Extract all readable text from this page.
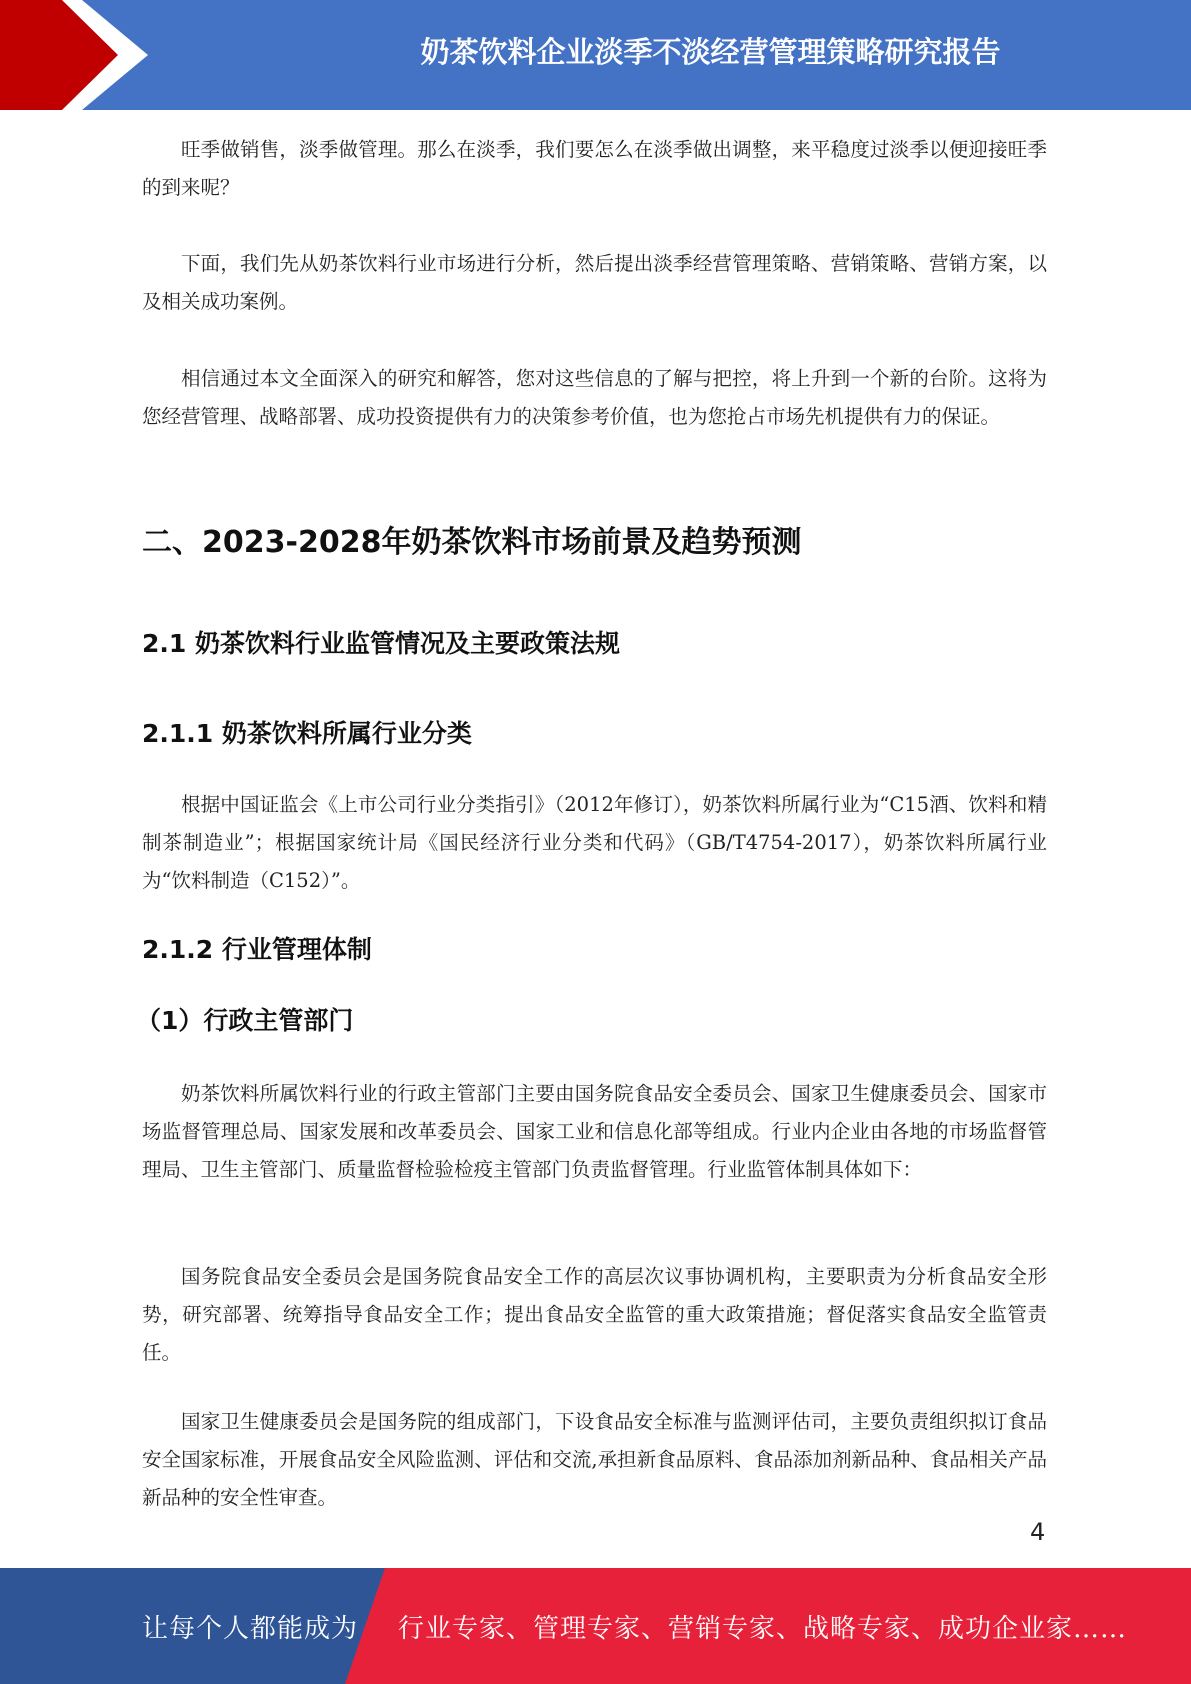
奶茶饮料企业淡季不淡经营管理策略研究报告

旺季做销售，淡季做管理。那么在淡季，我们要怎么在淡季做出调整，来平稳度过淡季以便迎接旺季的到来呢？

下面，我们先从奶茶饮料行业市场进行分析，然后提出淡季经营管理策略、营销策略、营销方案，以及相关成功案例。

相信通过本文全面深入的研究和解答，您对这些信息的了解与把控，将上升到一个新的台阶。这将为您经营管理、战略部署、成功投资提供有力的决策参考价值，也为您抢占市场先机提供有力的保证。

二、2023-2028年奶茶饮料市场前景及趋势预测
2.1 奶茶饮料行业监管情况及主要政策法规
2.1.1 奶茶饮料所属行业分类

根据中国证监会《上市公司行业分类指引》（2012年修订），奶茶饮料所属行业为“C15酒、饮料和精制茶制造业”；根据国家统计局《国民经济行业分类和代码》（GB/T4754-2017），奶茶饮料所属行业为“饮料制造（C152）”。

2.1.2 行业管理体制
（1）行政主管部门

奶茶饮料所属饮料行业的行政主管部门主要由国务院食品安全委员会、国家卫生健康委员会、国家市场监督管理总局、国家发展和改革委员会、国家工业和信息化部等组成。行业内企业由各地的市场监督管理局、卫生主管部门、质量监督检验检疫主管部门负责监督管理。行业监管体制具体如下：

国务院食品安全委员会是国务院食品安全工作的高层次议事协调机构，主要职责为分析食品安全形势，研究部署、统筹指导食品安全工作；提出食品安全监管的重大政策措施；督促落实食品安全监管责任。

国家卫生健康委员会是国务院的组成部门，下设食品安全标准与监测评估司，主要负责组织拟订食品安全国家标准，开展食品安全风险监测、评估和交流,承担新食品原料、食品添加剂新品种、食品相关产品新品种的安全性审查。

4
让每个人都能成为 行业专家、管理专家、营销专家、战略专家、成功企业家……
